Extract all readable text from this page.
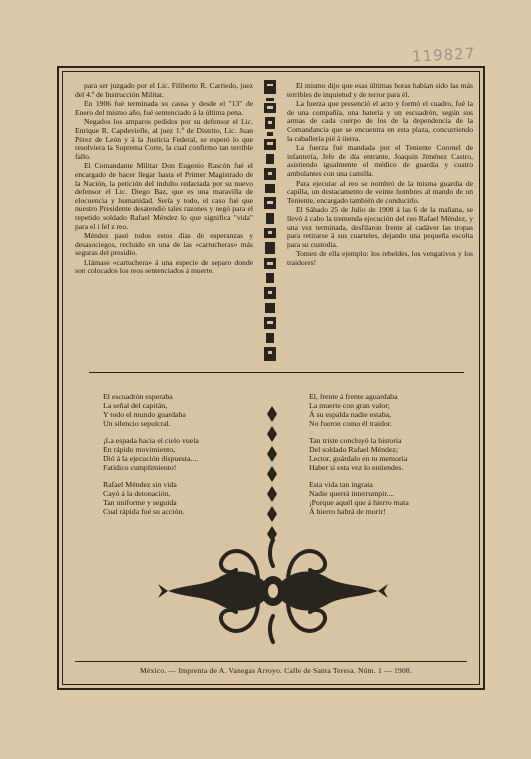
119827

para ser juzgado por el Lic. Filiberto R. Carriedo, juez del 4.º de Instrucción Militar.

En 1906 fué terminada su causa y desde el "13" de Enero del mismo año, fué sentenciado á la última pena.

Negados los amparos pedidos por su defensor el Lic. Enrique R. Capdevielle, al juez 1.º de Distrito, Lic. Juan Pérez de León y á la Justicia Federal, se esperó lo que resolviera la Suprema Corte, la cual confirmo tan terrible fallo.

El Comandante Militar Don Eugenio Rascón fué el encargado de hacer llegar hasta el Primer Magistrado de la Nación, la petición del indulto redactada por su nuevo defensor el Lic. Diego Baz, que es una maravilla de elocuencia y humanidad. Sería y todo, el caso fué que nuestro Presidente desatendió tales razones y negó para el repetido soldado Rafael Méndez lo que significa "vida" para el i fel z reo.

Méndez pasó todos estos días de esperanzas y desasociegos, recluido en una de las «cartucheras» más seguras del presidio.

Llámase «cartuchera» á una especie de separo donde son colocados los reos sentenciados á muerte.

El mismo dijo que esas últimas horas habían sido las más terribles de inquietud y de terror para él.

La fuerza que presenció el acto y formó el cuadro, fué la de una compañía, una batería y un escuadrón, según sus armas de cada cuerpo de los de la dependencia de la Comandancia que se encuentra en esta plaza, concurriendo la caballería pié á tierra.

La fuerza fué mandada por el Teniente Coronel de infantería, Jefe de día entrante, Joaquín Jiménez Castro, asistiendo igualmente el médico de guardia y cuatro ambulantes con una camilla.

Para ejecutar al reo se nombró de la misma guardia de capilla, un destacamento de veinte hombres al mando de un Teniente, encargado también de conducirlo.

El Sábado 25 de Julio de 1908 á las 6 de la mañana, se llevó á cabo la tremenda ejecución del reo Rafael Méndez, y una vez terminada, desfilaron frente al cadáver las tropas para retirarse á sus cuarteles, dejando una pequeña escolta para su custodia.

Tomen de ella ejemplo: los rebeldes, los vengativos y los traidores!

El escuadrón esperaba
La señal del capitán,
Y todo el mundo guardaba
Un silencio sepulcral.
¡La espada hacia el cielo vuela
En rápido movimiento,
Dió á la ejecución dispuesta....
Fatídico cumplimiento!
Rafael Méndez sin vida
Cayó á la detonación,
Tan uniforme y seguida
Cual rápida fué su acción.
El, frente á frente aguardaba
La muerte con gran valor;
Á su espalda nadie estaba,
No fueron como él traidor.
Tan triste concluyó la historia
Del soldado Rafael Méndez;
Lector, guárdalo en tu memoria
Haber si esta vez lo entiendes.
Esta vida tan ingrata
Nadie querrá interrumpir....
¡Porque aquél que á hierro mata
Á hierro habrá de morir!
México. — Imprenta de A. Vanegas Arroyo. Calle de Santa Teresa. Núm. 1 — 1908.
